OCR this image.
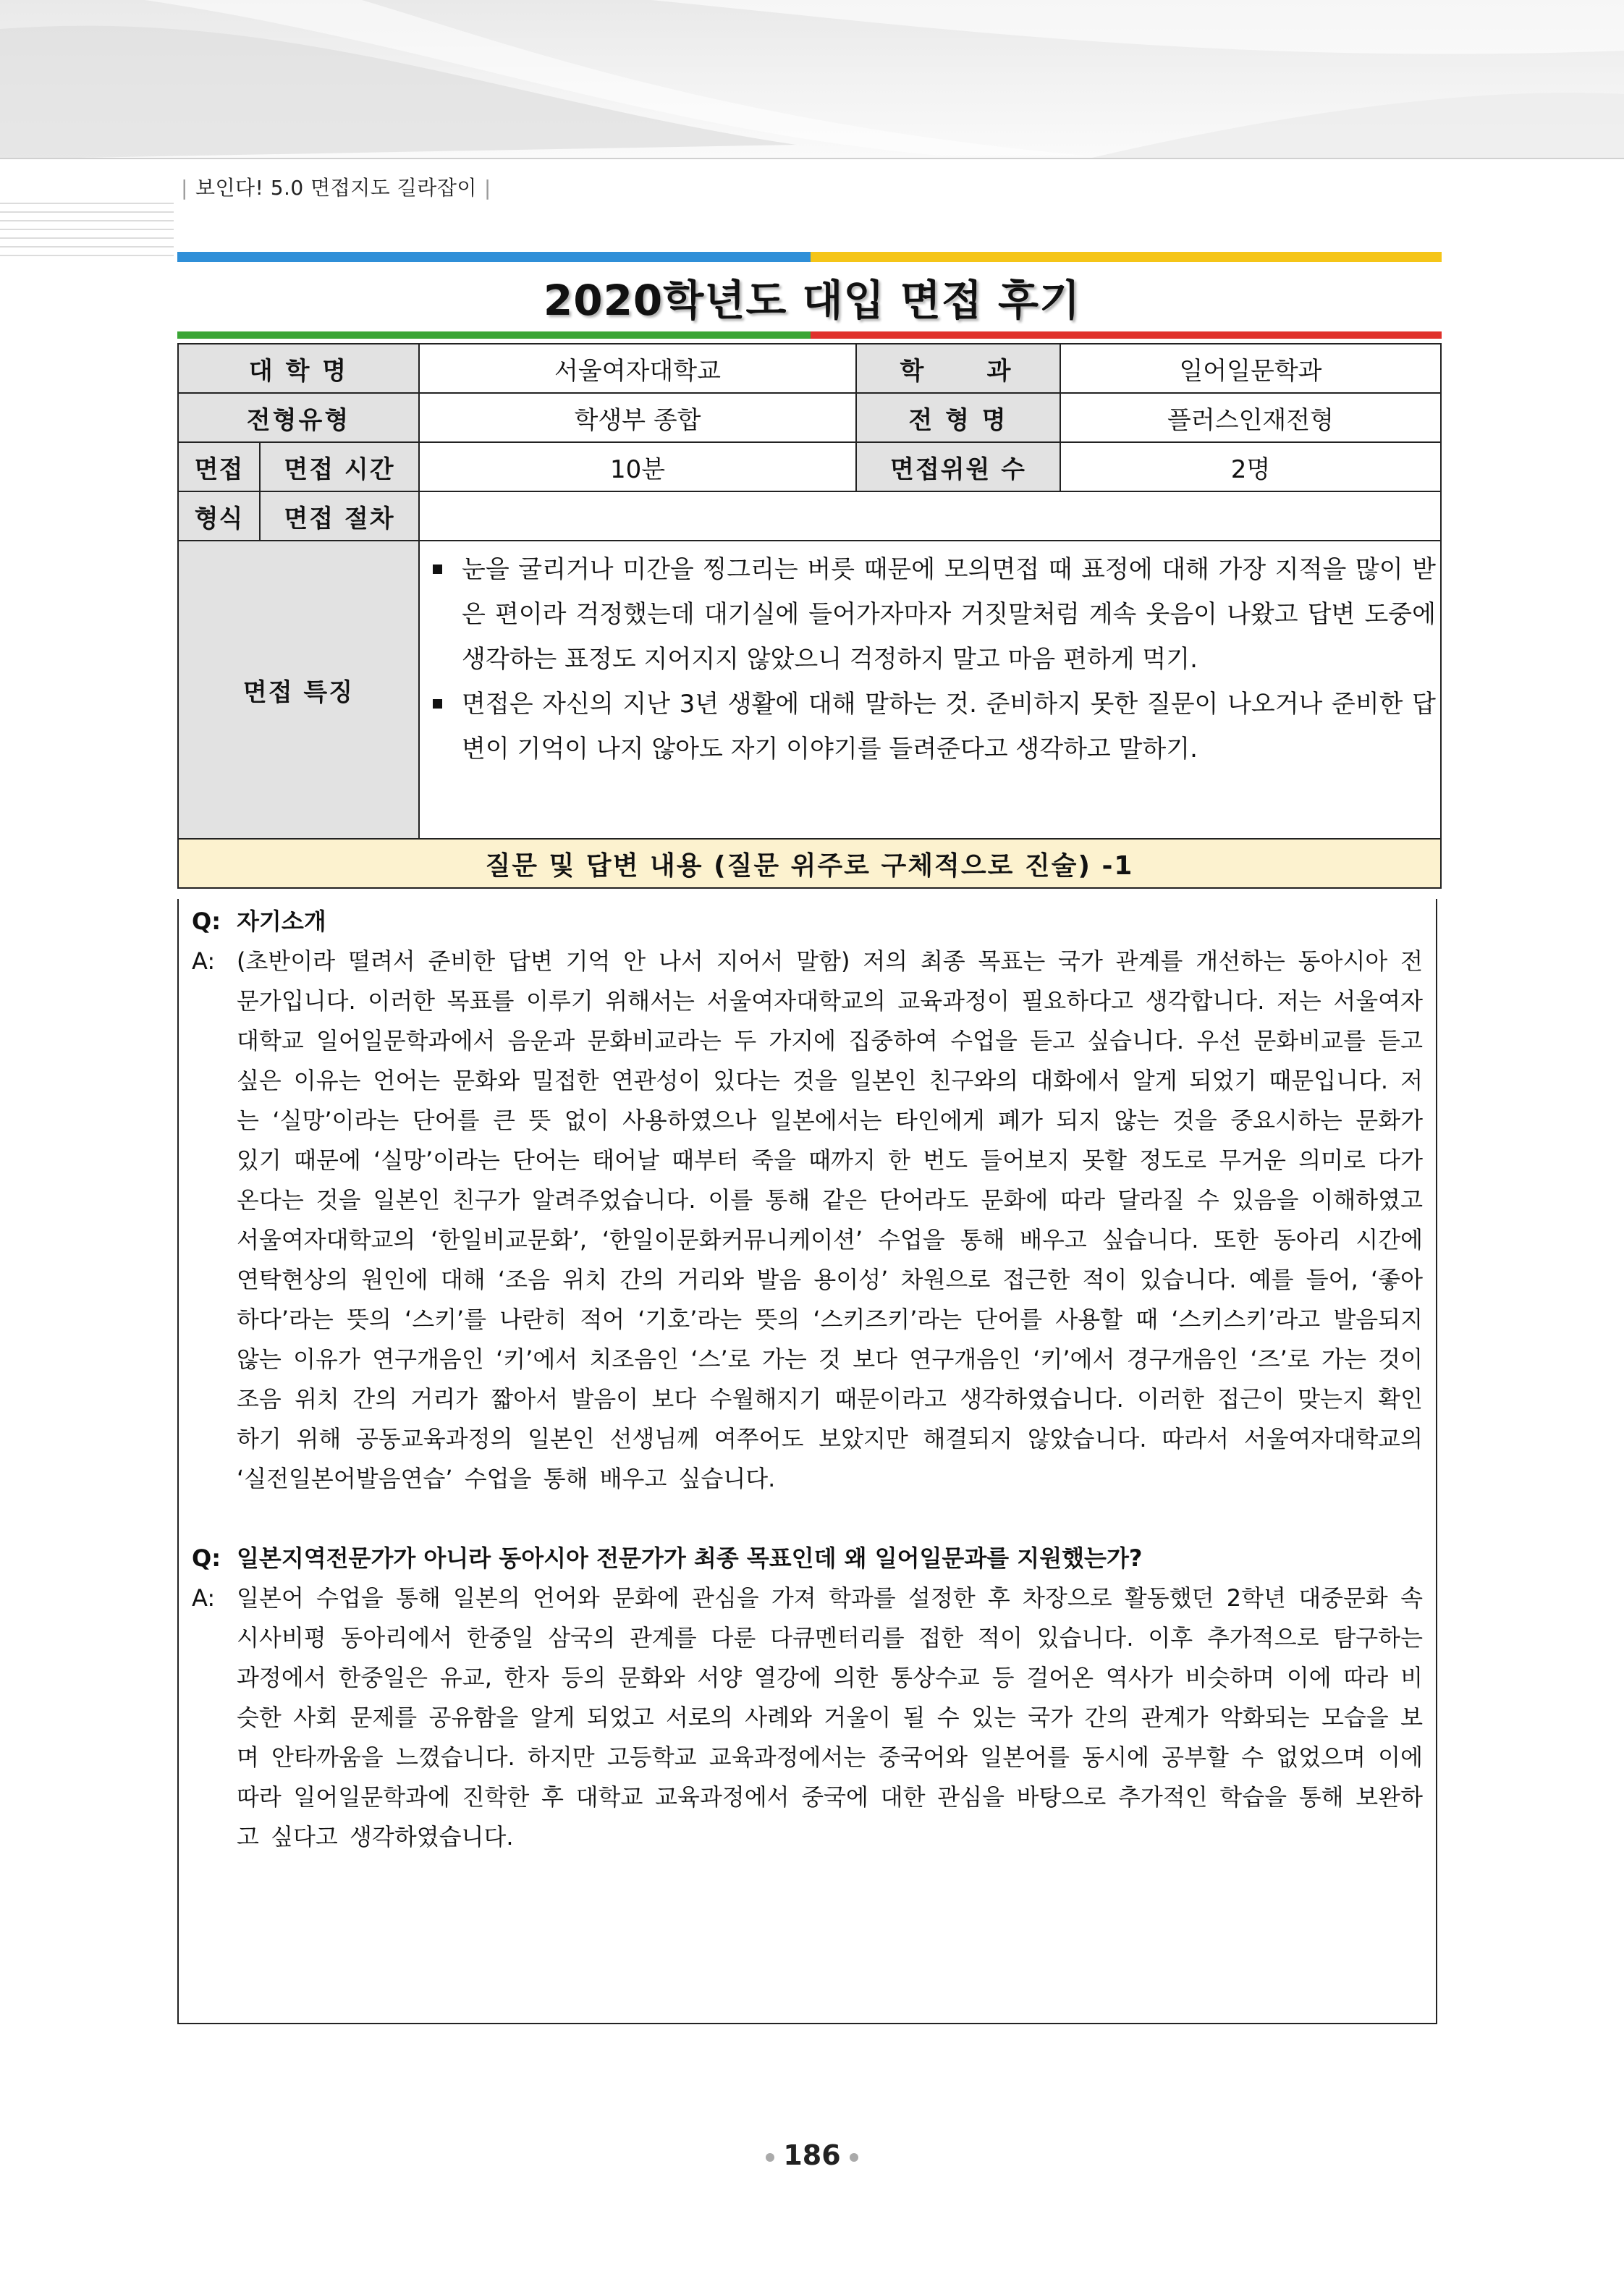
| 보인다! 5.0 면접지도 길라잡이 |
2020학년도 대입 면접 후기
대 학 명		서울여자대학교	학    과	일어일문학과
전형유형		학생부 종합	전 형 명	플러스인재전형
면접	면접 시간	10분	면접위원 수	2명
형식	면접 절차			
면접 특징		눈을 굴리거나 미간을 찡그리는 버릇 때문에 모의면접 때 표정에 대해 가장 지적을 많이 받은 편이라 걱정했는데 대기실에 들어가자마자 거짓말처럼 계속 웃음이 나왔고 답변 도중에 생각하는 표정도 지어지지 않았으니 걱정하지 말고 마음 편하게 먹기.
면접은 자신의 지난 3년 생활에 대해 말하는 것. 준비하지 못한 질문이 나오거나 준비한 답변이 기억이 나지 않아도 자기 이야기를 들려준다고 생각하고 말하기.		

질문 및 답변 내용 (질문 위주로 구체적으로 진술) -1				
Q: 자기소개
A: (초반이라 떨려서 준비한 답변 기억 안 나서 지어서 말함) 저의 최종 목표는 국가 관계를 개선하는 동아시아 전문가입니다. 이러한 목표를 이루기 위해서는 서울여자대학교의 교육과정이 필요하다고 생각합니다. 저는 서울여자대학교 일어일문학과에서 음운과 문화비교라는 두 가지에 집중하여 수업을 듣고 싶습니다. 우선 문화비교를 듣고 싶은 이유는 언어는 문화와 밀접한 연관성이 있다는 것을 일본인 친구와의 대화에서 알게 되었기 때문입니다. 저는 ‘실망’이라는 단어를 큰 뜻 없이 사용하였으나 일본에서는 타인에게 폐가 되지 않는 것을 중요시하는 문화가 있기 때문에 ‘실망’이라는 단어는 태어날 때부터 죽을 때까지 한 번도 들어보지 못할 정도로 무거운 의미로 다가온다는 것을 일본인 친구가 알려주었습니다. 이를 통해 같은 단어라도 문화에 따라 달라질 수 있음을 이해하였고 서울여자대학교의 ‘한일비교문화’, ‘한일이문화커뮤니케이션’ 수업을 통해 배우고 싶습니다. 또한 동아리 시간에 연탁현상의 원인에 대해 ‘조음 위치 간의 거리와 발음 용이성’ 차원으로 접근한 적이 있습니다. 예를 들어, ‘좋아하다’라는 뜻의 ‘스키’를 나란히 적어 ‘기호’라는 뜻의 ‘스키즈키’라는 단어를 사용할 때 ‘스키스키’라고 발음되지 않는 이유가 연구개음인 ‘키’에서 치조음인 ‘스’로 가는 것 보다 연구개음인 ‘키’에서 경구개음인 ‘즈’로 가는 것이 조음 위치 간의 거리가 짧아서 발음이 보다 수월해지기 때문이라고 생각하였습니다. 이러한 접근이 맞는지 확인하기 위해 공동교육과정의 일본인 선생님께 여쭈어도 보았지만 해결되지 않았습니다. 따라서 서울여자대학교의 ‘실전일본어발음연습’ 수업을 통해 배우고 싶습니다.
Q: 일본지역전문가가 아니라 동아시아 전문가가 최종 목표인데 왜 일어일문과를 지원했는가?
A: 일본어 수업을 통해 일본의 언어와 문화에 관심을 가져 학과를 설정한 후 차장으로 활동했던 2학년 대중문화 속 시사비평 동아리에서 한중일 삼국의 관계를 다룬 다큐멘터리를 접한 적이 있습니다. 이후 추가적으로 탐구하는 과정에서 한중일은 유교, 한자 등의 문화와 서양 열강에 의한 통상수교 등 걸어온 역사가 비슷하며 이에 따라 비슷한 사회 문제를 공유함을 알게 되었고 서로의 사례와 거울이 될 수 있는 국가 간의 관계가 악화되는 모습을 보며 안타까움을 느꼈습니다. 하지만 고등학교 교육과정에서는 중국어와 일본어를 동시에 공부할 수 없었으며 이에 따라 일어일문학과에 진학한 후 대학교 교육과정에서 중국에 대한 관심을 바탕으로 추가적인 학습을 통해 보완하고 싶다고 생각하였습니다.
186
